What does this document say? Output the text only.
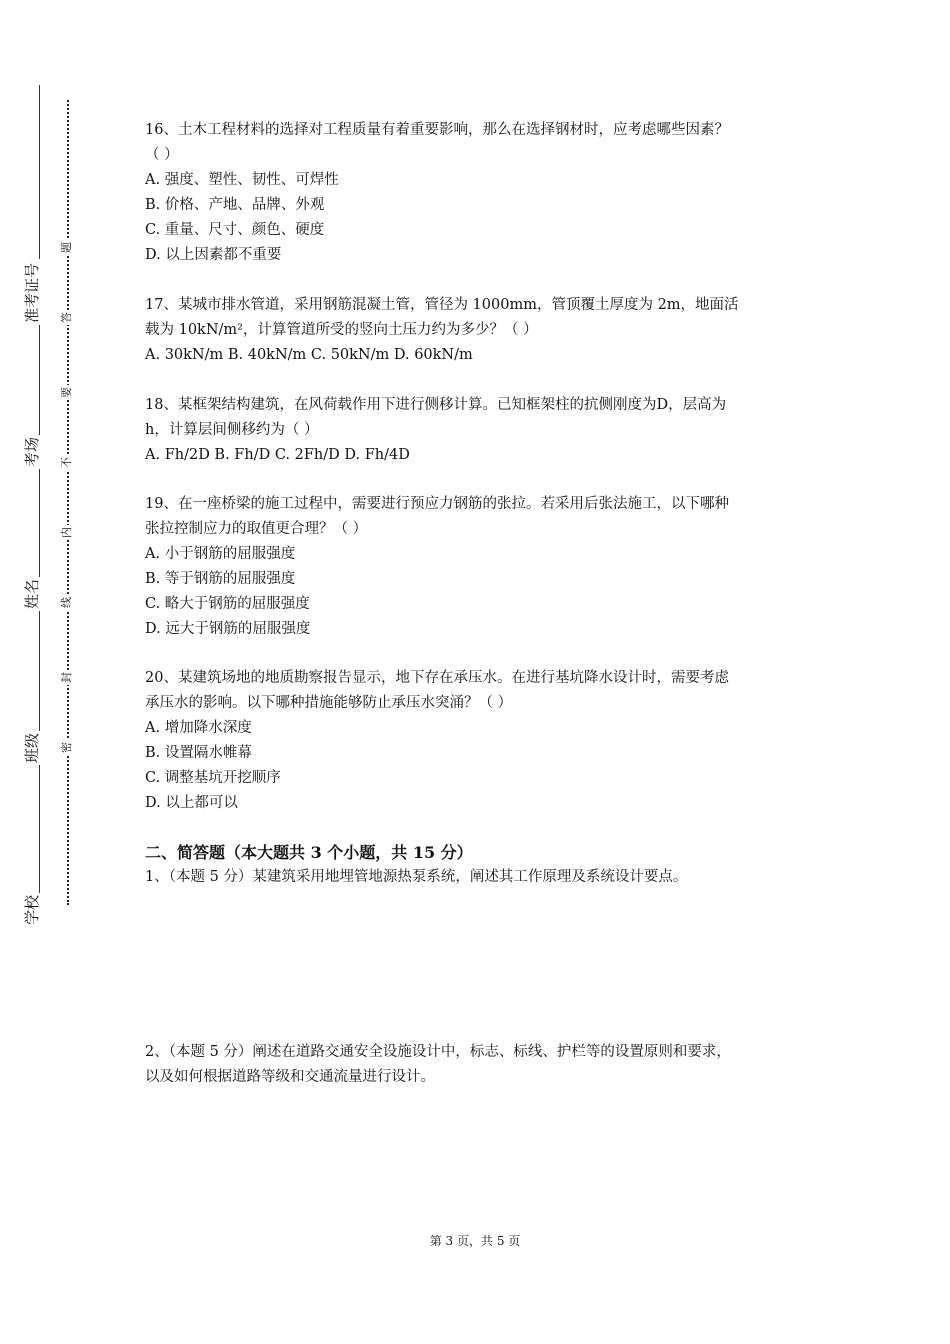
学校
班级
姓名
考场
准考证号
密
封
线
内
不
要
答
题
16、土木工程材料的选择对工程质量有着重要影响，那么在选择钢材时，应考虑哪些因素？
（ ）
A. 强度、塑性、韧性、可焊性
B. 价格、产地、品牌、外观
C. 重量、尺寸、颜色、硬度
D. 以上因素都不重要
17、某城市排水管道，采用钢筋混凝土管，管径为 1000mm，管顶覆土厚度为 2m，地面活
载为 10kN/m²，计算管道所受的竖向土压力约为多少？（ ）
A. 30kN/m B. 40kN/m C. 50kN/m D. 60kN/m
18、某框架结构建筑，在风荷载作用下进行侧移计算。已知框架柱的抗侧刚度为D，层高为
h，计算层间侧移约为（ ）
A. Fh/2D B. Fh/D C. 2Fh/D D. Fh/4D
19、在一座桥梁的施工过程中，需要进行预应力钢筋的张拉。若采用后张法施工，以下哪种
张拉控制应力的取值更合理？（ ）
A. 小于钢筋的屈服强度
B. 等于钢筋的屈服强度
C. 略大于钢筋的屈服强度
D. 远大于钢筋的屈服强度
20、某建筑场地的地质勘察报告显示，地下存在承压水。在进行基坑降水设计时，需要考虑
承压水的影响。以下哪种措施能够防止承压水突涌？（ ）
A. 增加降水深度
B. 设置隔水帷幕
C. 调整基坑开挖顺序
D. 以上都可以
二、简答题（本大题共 3 个小题，共 15 分）
1、（本题 5 分）某建筑采用地埋管地源热泵系统，阐述其工作原理及系统设计要点。
2、（本题 5 分）阐述在道路交通安全设施设计中，标志、标线、护栏等的设置原则和要求，
以及如何根据道路等级和交通流量进行设计。
第 3 页，共 5 页
